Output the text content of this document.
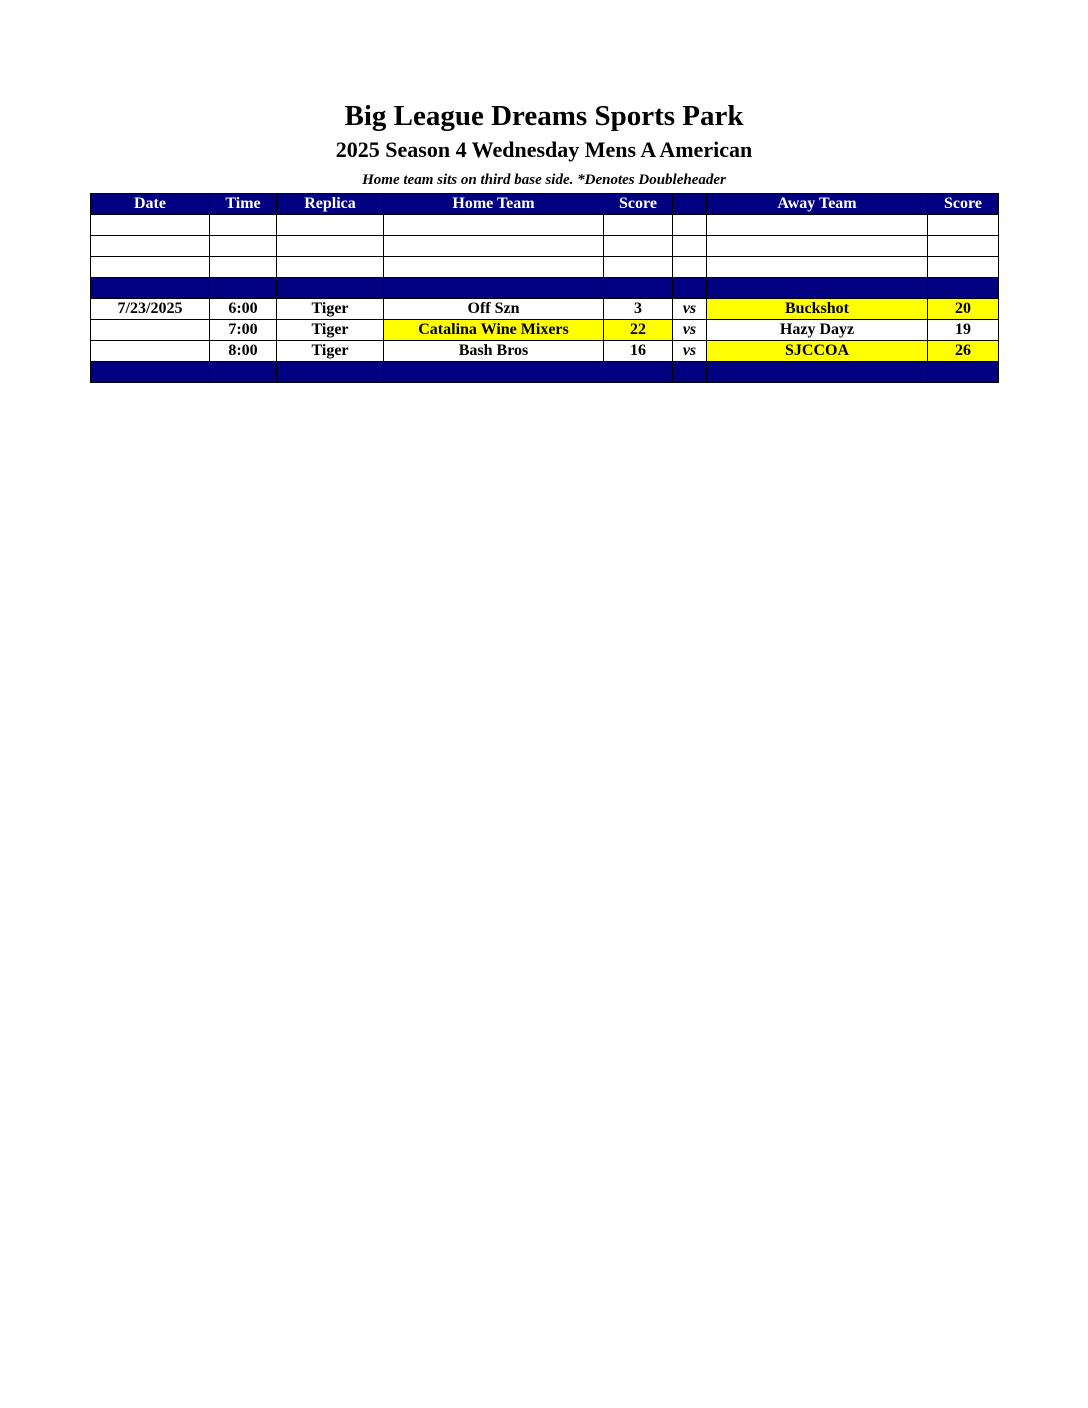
Big League Dreams Sports Park
2025 Season 4 Wednesday Mens A American
Home team sits on third base side. *Denotes Doubleheader
Date	Time	Replica	Home Team	Score		Away Team	Score

7/23/2025	6:00	Tiger	Off Szn	3	vs	Buckshot	20
	7:00	Tiger	Catalina Wine Mixers	22	vs	Hazy Dayz	19
	8:00	Tiger	Bash Bros	16	vs	SJCCOA	26
